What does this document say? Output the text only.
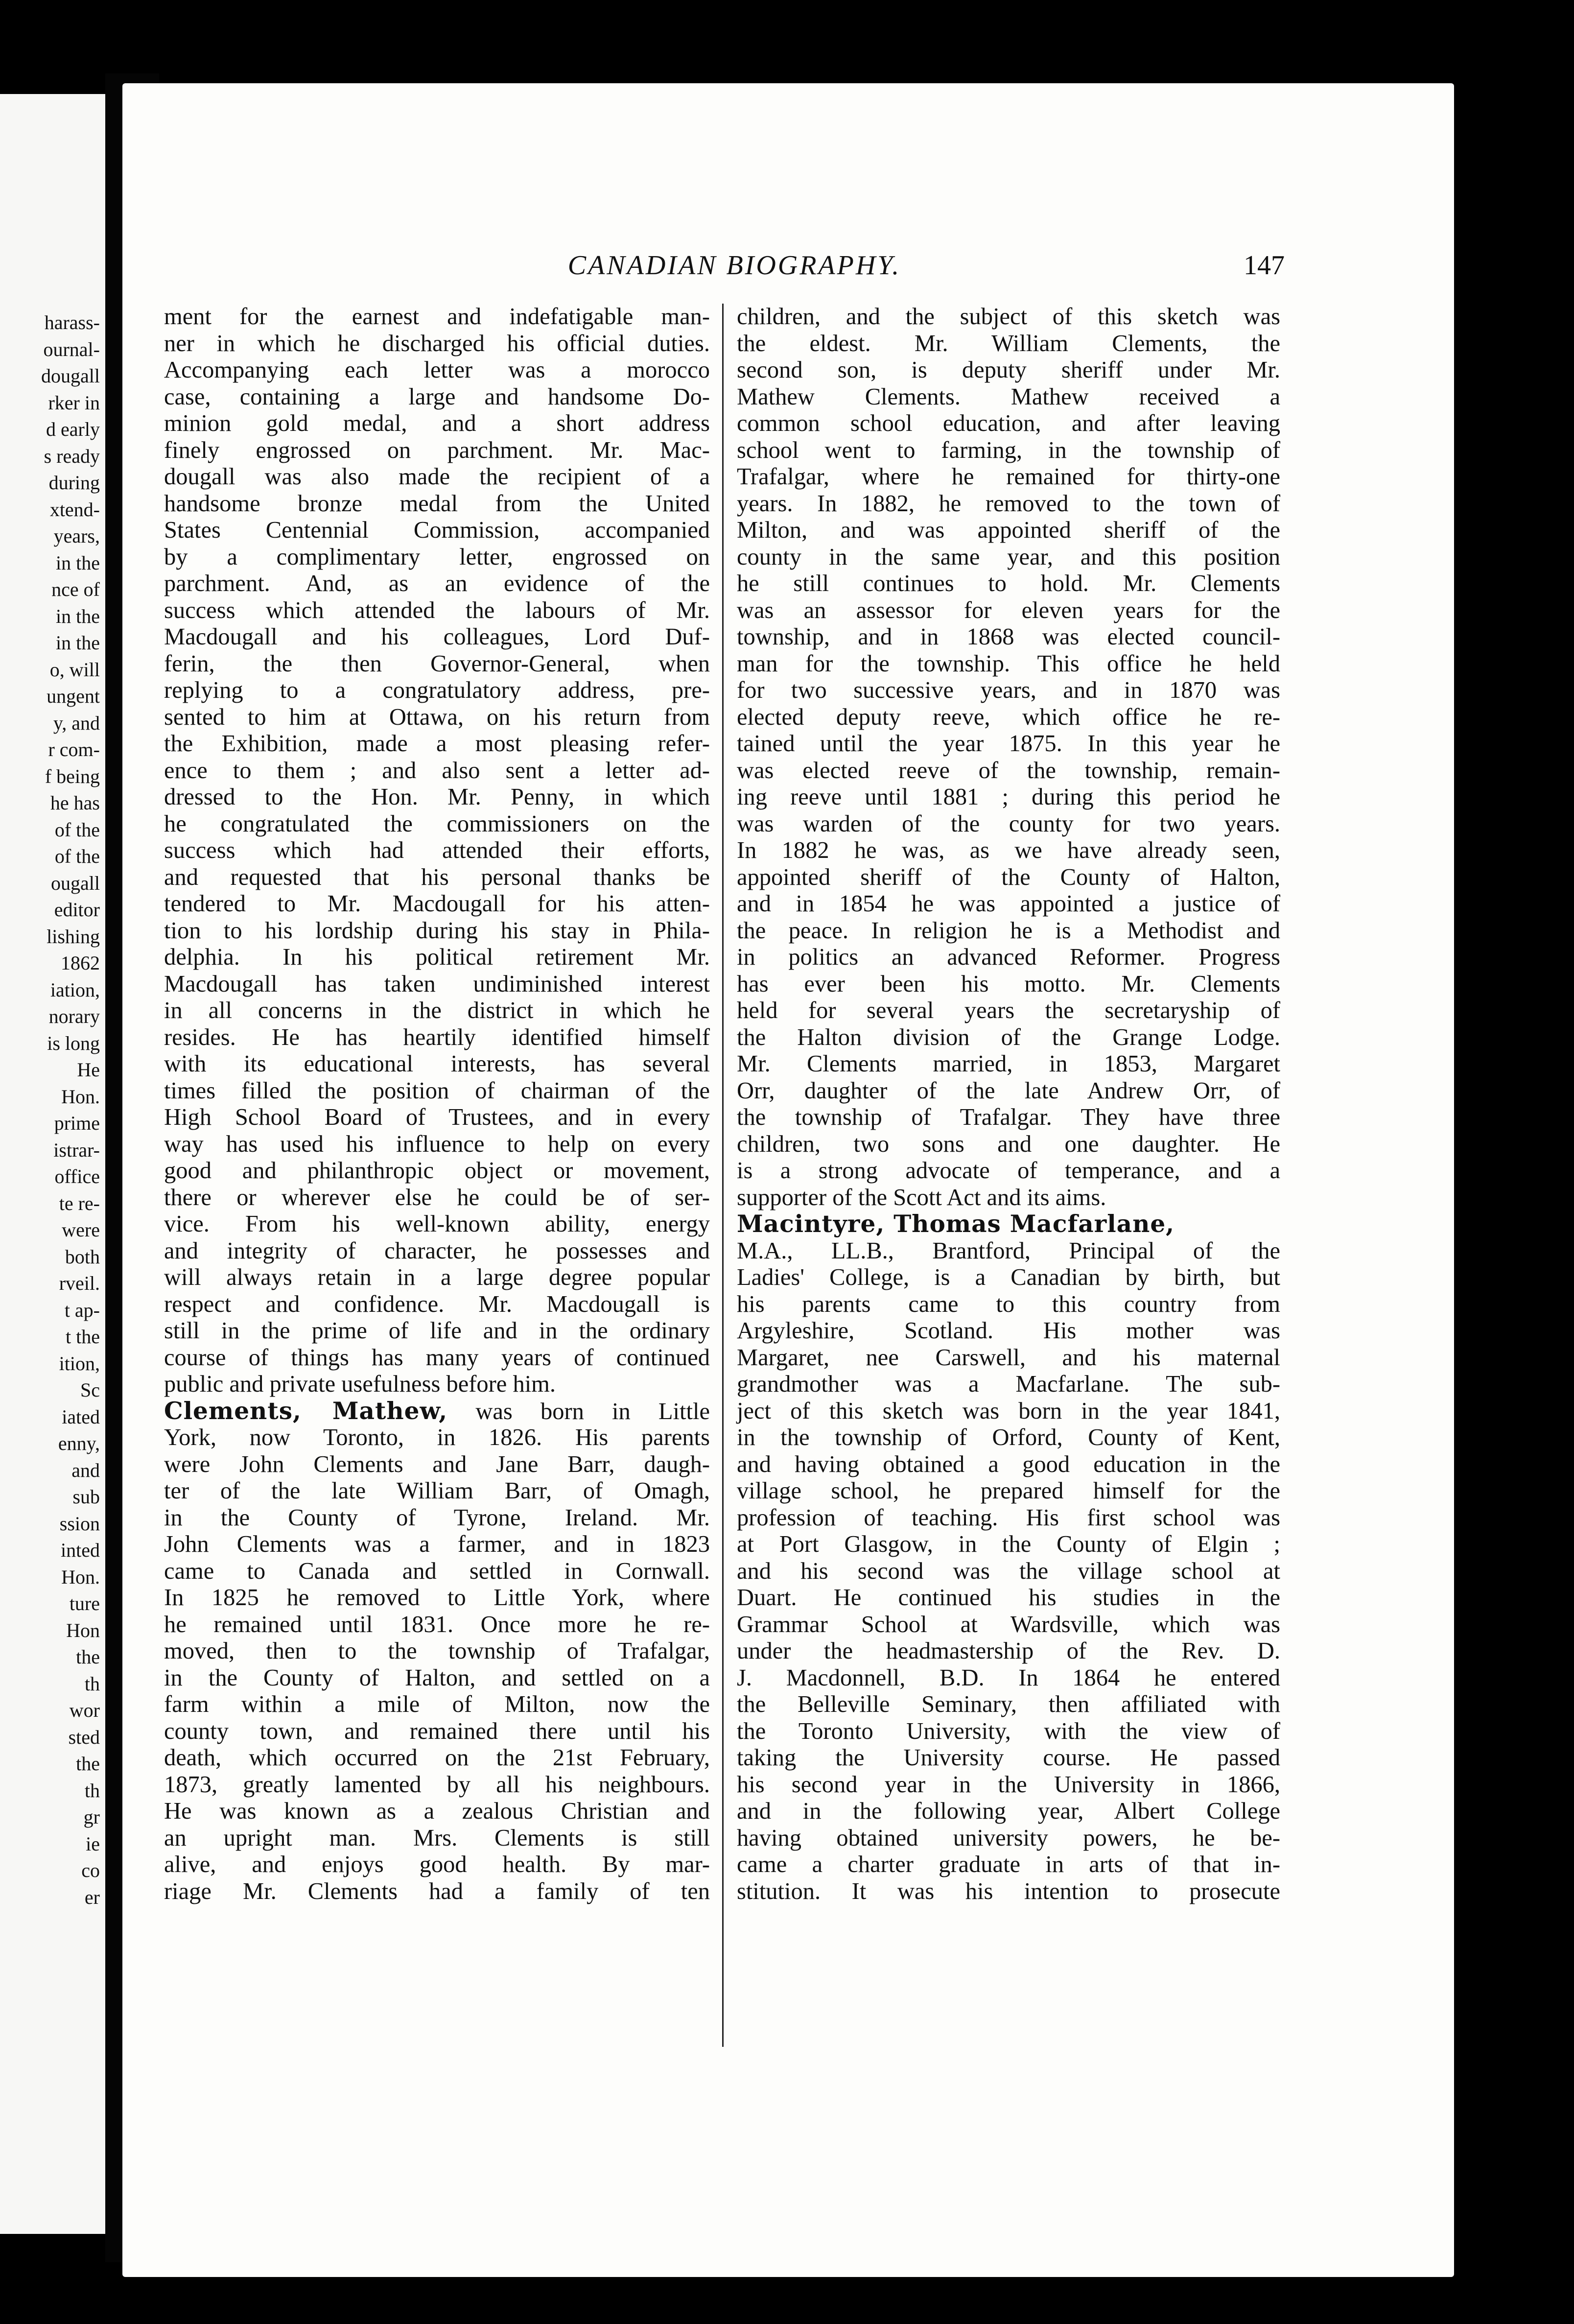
harass-
ournal-
dougall
rker in
d early
s ready
during
xtend-
years,
in the
nce of
in the
in the
o, will
ungent
y, and
r com-
f being
he has
of the
of the
ougall
editor
lishing
1862
iation,
norary
is long
He
Hon.
prime
istrar-
office
te re-
were
both
rveil.
t ap-
t the
ition,
Sc
iated
enny,
and
sub
ssion
inted
Hon.
ture
Hon
the
th
wor
sted
the
th
gr
ie
co
er
CANADIAN BIOGRAPHY.	147
ment for the earnest and indefatigable man-
ner in which he discharged his official duties.
Accompanying each letter was a morocco
case, containing a large and handsome Do-
minion gold medal, and a short address
finely engrossed on parchment. Mr. Mac-
dougall was also made the recipient of a
handsome bronze medal from the United
States Centennial Commission, accompanied
by a complimentary letter, engrossed on
parchment. And, as an evidence of the
success which attended the labours of Mr.
Macdougall and his colleagues, Lord Duf-
ferin, the then Governor-General, when
replying to a congratulatory address, pre-
sented to him at Ottawa, on his return from
the Exhibition, made a most pleasing refer-
ence to them ; and also sent a letter ad-
dressed to the Hon. Mr. Penny, in which
he congratulated the commissioners on the
success which had attended their efforts,
and requested that his personal thanks be
tendered to Mr. Macdougall for his atten-
tion to his lordship during his stay in Phila-
delphia. In his political retirement Mr.
Macdougall has taken undiminished interest
in all concerns in the district in which he
resides. He has heartily identified himself
with its educational interests, has several
times filled the position of chairman of the
High School Board of Trustees, and in every
way has used his influence to help on every
good and philanthropic object or movement,
there or wherever else he could be of ser-
vice. From his well-known ability, energy
and integrity of character, he possesses and
will always retain in a large degree popular
respect and confidence. Mr. Macdougall is
still in the prime of life and in the ordinary
course of things has many years of continued
public and private usefulness before him.
Clements, Mathew, was born in Little
York, now Toronto, in 1826. His parents
were John Clements and Jane Barr, daugh-
ter of the late William Barr, of Omagh,
in the County of Tyrone, Ireland. Mr.
John Clements was a farmer, and in 1823
came to Canada and settled in Cornwall.
In 1825 he removed to Little York, where
he remained until 1831. Once more he re-
moved, then to the township of Trafalgar,
in the County of Halton, and settled on a
farm within a mile of Milton, now the
county town, and remained there until his
death, which occurred on the 21st February,
1873, greatly lamented by all his neighbours.
He was known as a zealous Christian and
an upright man. Mrs. Clements is still
alive, and enjoys good health. By mar-
riage Mr. Clements had a family of ten
children, and the subject of this sketch was
the eldest. Mr. William Clements, the
second son, is deputy sheriff under Mr.
Mathew Clements. Mathew received a
common school education, and after leaving
school went to farming, in the township of
Trafalgar, where he remained for thirty-one
years. In 1882, he removed to the town of
Milton, and was appointed sheriff of the
county in the same year, and this position
he still continues to hold. Mr. Clements
was an assessor for eleven years for the
township, and in 1868 was elected council-
man for the township. This office he held
for two successive years, and in 1870 was
elected deputy reeve, which office he re-
tained until the year 1875. In this year he
was elected reeve of the township, remain-
ing reeve until 1881 ; during this period he
was warden of the county for two years.
In 1882 he was, as we have already seen,
appointed sheriff of the County of Halton,
and in 1854 he was appointed a justice of
the peace. In religion he is a Methodist and
in politics an advanced Reformer. Progress
has ever been his motto. Mr. Clements
held for several years the secretaryship of
the Halton division of the Grange Lodge.
Mr. Clements married, in 1853, Margaret
Orr, daughter of the late Andrew Orr, of
the township of Trafalgar. They have three
children, two sons and one daughter. He
is a strong advocate of temperance, and a
supporter of the Scott Act and its aims.
Macintyre, Thomas Macfarlane,
M.A., LL.B., Brantford, Principal of the
Ladies' College, is a Canadian by birth, but
his parents came to this country from
Argyleshire, Scotland. His mother was
Margaret, nee Carswell, and his maternal
grandmother was a Macfarlane. The sub-
ject of this sketch was born in the year 1841,
in the township of Orford, County of Kent,
and having obtained a good education in the
village school, he prepared himself for the
profession of teaching. His first school was
at Port Glasgow, in the County of Elgin ;
and his second was the village school at
Duart. He continued his studies in the
Grammar School at Wardsville, which was
under the headmastership of the Rev. D.
J. Macdonnell, B.D. In 1864 he entered
the Belleville Seminary, then affiliated with
the Toronto University, with the view of
taking the University course. He passed
his second year in the University in 1866,
and in the following year, Albert College
having obtained university powers, he be-
came a charter graduate in arts of that in-
stitution. It was his intention to prosecute
